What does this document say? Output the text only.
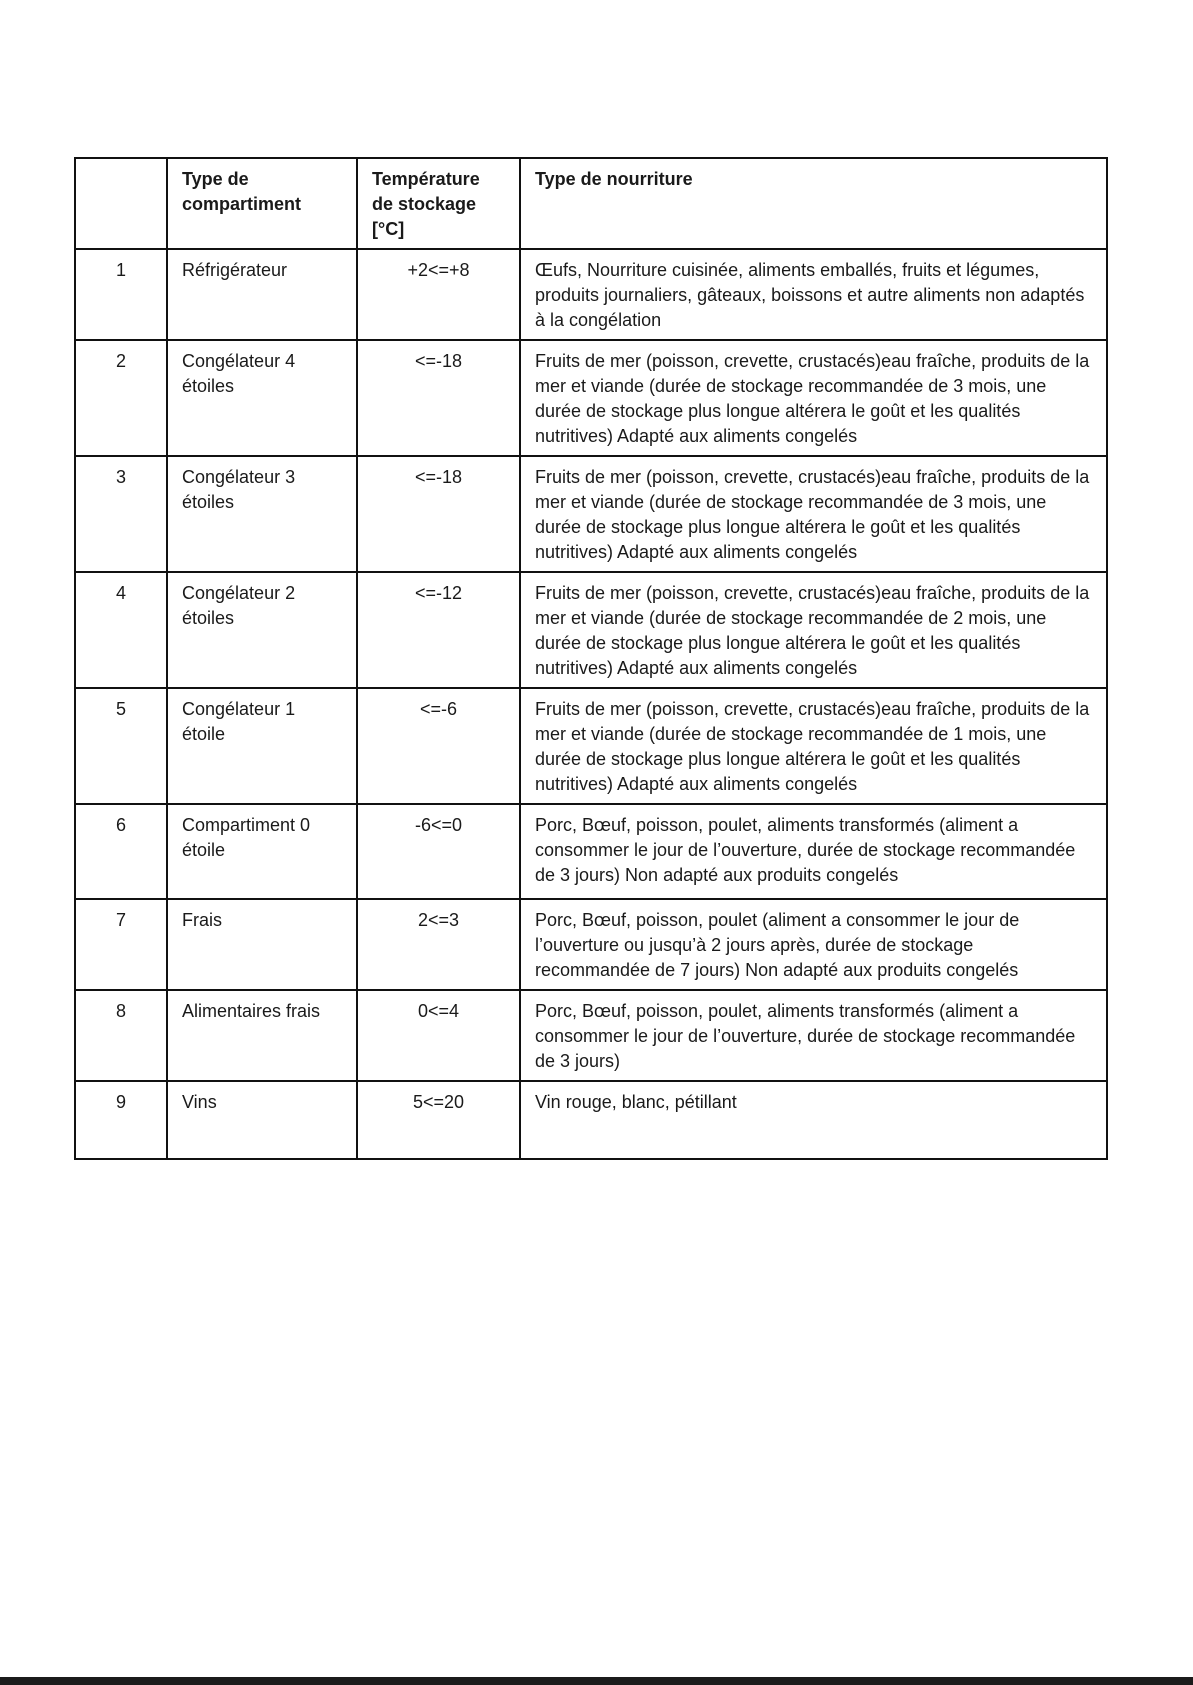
	Type de compartiment	Température de stockage [°C]	Type de nourriture
1	Réfrigérateur	+2<=+8	Œufs, Nourriture cuisinée, aliments emballés, fruits et légumes, produits journaliers, gâteaux, boissons et autre aliments non adaptés à la congélation
2	Congélateur 4 étoiles	<=-18	Fruits de mer (poisson, crevette, crustacés)eau fraîche, produits de la mer et viande (durée de stockage recommandée de 3 mois, une durée de stockage plus longue altérera le goût et les qualités nutritives) Adapté aux aliments congelés
3	Congélateur 3 étoiles	<=-18	Fruits de mer (poisson, crevette, crustacés)eau fraîche, produits de la mer et viande (durée de stockage recommandée de 3 mois, une durée de stockage plus longue altérera le goût et les qualités nutritives) Adapté aux aliments congelés
4	Congélateur 2 étoiles	<=-12	Fruits de mer (poisson, crevette, crustacés)eau fraîche, produits de la mer et viande (durée de stockage recommandée de 2 mois, une durée de stockage plus longue altérera le goût et les qualités nutritives) Adapté aux aliments congelés
5	Congélateur 1 étoile	<=-6	Fruits de mer (poisson, crevette, crustacés)eau fraîche, produits de la mer et viande (durée de stockage recommandée de 1 mois, une durée de stockage plus longue altérera le goût et les qualités nutritives) Adapté aux aliments congelés
6	Compartiment 0 étoile	-6<=0	Porc, Bœuf, poisson, poulet, aliments transformés (aliment a consommer le jour de l’ouverture, durée de stockage recommandée de 3 jours) Non adapté aux produits congelés
7	Frais	2<=3	Porc, Bœuf, poisson, poulet (aliment a consommer le jour de l’ouverture ou jusqu’à 2 jours après, durée de stockage recommandée de 7 jours) Non adapté aux produits congelés
8	Alimentaires frais	0<=4	Porc, Bœuf, poisson, poulet, aliments transformés (aliment a consommer le jour de l’ouverture, durée de stockage recommandée de 3 jours)
9	Vins	5<=20	Vin rouge, blanc, pétillant
